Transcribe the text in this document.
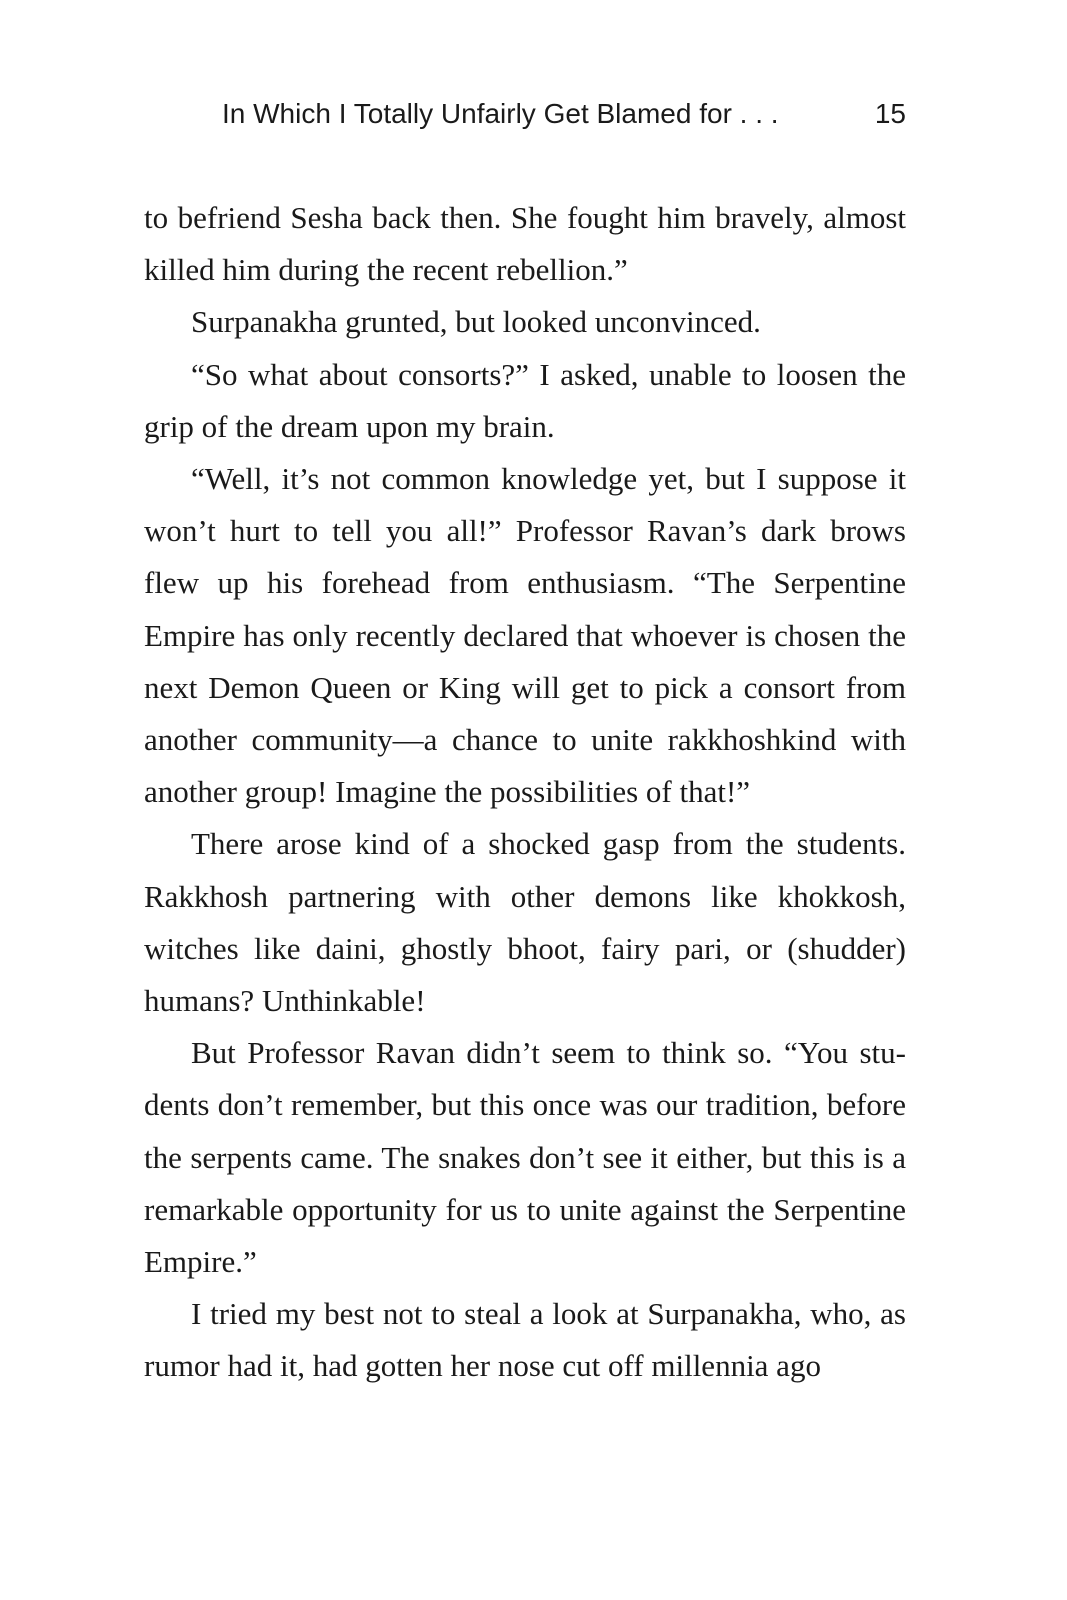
In Which I Totally Unfairly Get Blamed for . . .	15

to befriend Sesha back then. She fought him bravely, almost killed him during the recent rebellion.”

Surpanakha grunted, but looked unconvinced.

“So what about consorts?” I asked, unable to loosen the grip of the dream upon my brain.

“Well, it’s not common knowledge yet, but I suppose it won’t hurt to tell you all!” Professor Ravan’s dark brows flew up his forehead from enthusiasm. “The Serpentine Empire has only recently declared that whoever is chosen the next Demon Queen or King will get to pick a consort from another community—a chance to unite rakkhoshkind with another group! Imagine the possibilities of that!”

There arose kind of a shocked gasp from the students. Rakkhosh partnering with other demons like khokkosh, witches like daini, ghostly bhoot, fairy pari, or (shudder) humans? Unthinkable!

But Professor Ravan didn’t seem to think so. “You students don’t remember, but this once was our tradition, before the serpents came. The snakes don’t see it either, but this is a remarkable opportunity for us to unite against the Serpentine Empire.”

I tried my best not to steal a look at Surpanakha, who, as rumor had it, had gotten her nose cut off millennia ago
